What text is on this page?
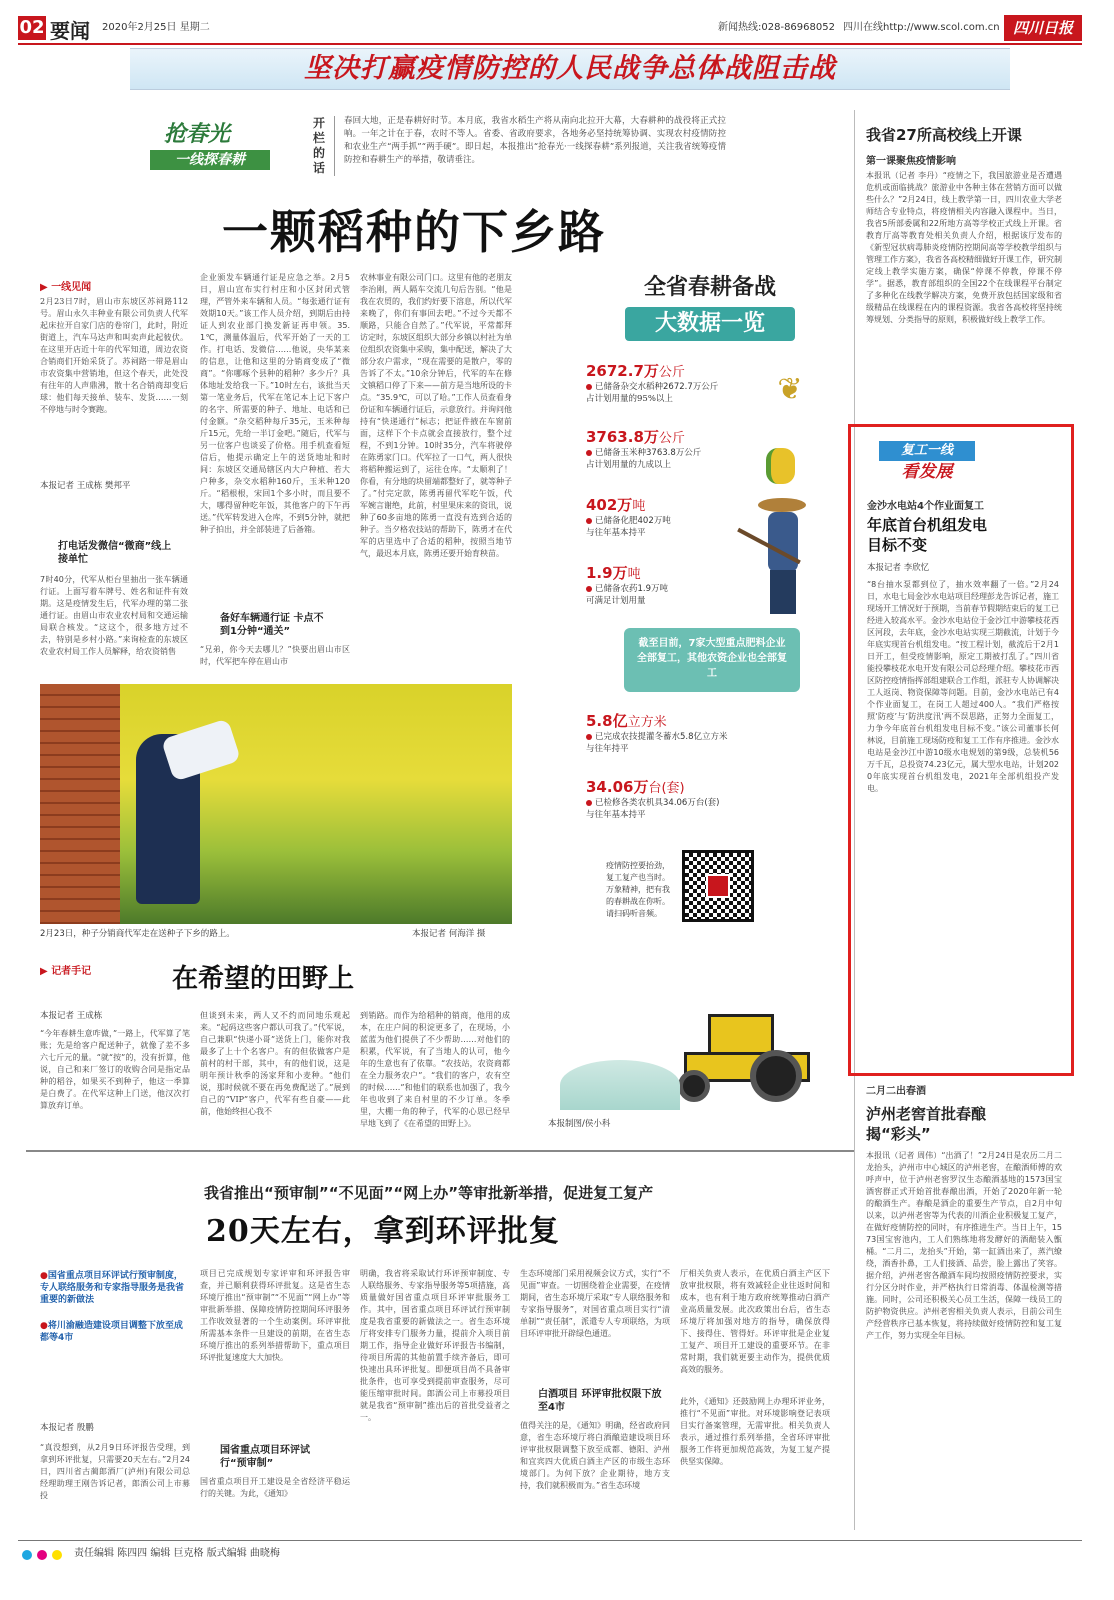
02 要闻 2020年2月25日 星期二	新闻热线:028-86968052 四川在线http://www.scol.com.cn 四川日报
坚决打赢疫情防控的人民战争总体战阻击战
抢春光
一线探春耕
开栏的话
春回大地，正是春耕好时节。本月底，我省水稻生产将从南向北拉开大幕，大春耕种的战役将正式拉响。一年之计在于春，农时不等人。省委、省政府要求，各地务必坚持统筹协调、实现农村疫情防控和农业生产“两手抓”“两手硬”。即日起，本报推出“抢春光·一线探春耕”系列报道，关注我省统筹疫情防控和春耕生产的举措，敬请垂注。
一颗稻种的下乡路
▶ 一线见闻
2月23日7时，眉山市东坡区苏祠路112号。眉山永久丰种业有限公司负责人代军起床拉开自家门店的卷帘门，此时，附近街道上，汽车马达声和叫卖声此起彼伏。在这里开店近十年的代军知道，周边农资合销商们开始采货了。苏祠路一带是眉山市农资集中营销地，但这个春天，此处没有往年的人声鼎沸，散十名合销商却变后球：他们每天接单、装车、发货……一刻不停地与时令赛跑。
本报记者 王成栋 樊邦平
打电话发微信“微商”线上接单忙
7时40分，代军从柜台里抽出一张车辆通行证。上面写着车牌号、姓名和证件有效期。这是疫情发生后，代军办理的第二张通行证。由眉山市农业农村局和交通运输局联合核发。“这这个，很多地方过不去，特别是乡村小路。”来询检查的东坡区农业农村局工作人员解释，给农资销售
企业颁发车辆通行证是应急之举。2月5日，眉山宣布实行村庄和小区封闭式管理，严管外来车辆和人员。“每张通行证有效期10天。”该工作人员介绍，到期后由持证人到农业部门换发新证再申领。35.1℃，测量体温后，代军开始了一天的工作。打电话、发微信……他说，央华某来的信息，让他和这里的分销商变成了“微商”。“你哪啄个县种的稻种？多少斤？具体地址发给我一下。”10时左右，该批当天第一笔业务后，代军在笔记本上记下客户的名字、所需要的种子、地址、电话和已付金额。“杂交稻种每斤35元，玉米种每斤15元，先给一半订金吧。”随后，代军与另一位客户也谈妥了价格。用手机查看短信后，他提示确定上午的送货地址和时间：东坡区交通局辖区内大户种植、若大户种多，杂交水稻种160斤，玉米种120斤。“稻根根，宋回1个多小时，而且要不大，哪得留种吃年饭，其他客户的下午再送。”代军转发进入仓库，不到5分钟，就把种子拍出，并全部装进了后备箱。
备好车辆通行证 卡点不到1分钟“通关”
“兄弟，你今天去哪儿？”快要出眉山市区时，代军把车停在眉山市
农林事业有限公司门口。这里有他的老朋友李治刚，两人隔车交流几句后告别。“他是我在农贸的，我们约好要下溶息，所以代军来晚了，你们有事回去吧。”不过今天都不顺路，只能合自然了。”代军说，平常都拜访定时，东坡区组织大部分乡镇以村社为单位组织农资集中采购，集中配送，解决了大部分农户需求，“现在需要的是散户，零的告诉了不太。”10余分钟后，代军的车在修文镇稻口停了下来——前方是当地所设的卡点。“35.9℃，可以了哈。”工作人员查看身份证和车辆通行证后，示意放行。并询问他持有“快递通行”标志；把证件掖在车窗前面，这样下个卡点就会直接放行，整个过程，不到1分钟。10时35分，汽车将驶停在陈勇家门口。代军拉了一口气，两人很快将稻种搬运到了，运往仓库。“太顺利了！你看，有分地的块留端都整好了，就等种子了。”付完定款，陈勇再留代军吃午饭，代军婉言谢绝，此前，村里果床来的资讯，说种了60多亩地的陈勇一直没有选到合适的种子。当夕格农技站的帮助下，陈勇才在代军的店里选中了合适的稻种，按照当地节气，最迟本月底，陈勇还要开始育秧苗。
2月23日，种子分销商代军走在送种子下乡的路上。	本报记者 何海洋 摄
全省春耕备战
大数据一览
2672.7万公斤
已储备杂交水稻种2672.7万公斤
占计划用量的95%以上	❦
3763.8万公斤
已储备玉米种3763.8万公斤
占计划用量的九成以上
402万吨
已储备化肥402万吨
与往年基本持平
1.9万吨
已储备农药1.9万吨
可满足计划用量
截至目前，7家大型重点肥料企业全部复工，其他农资企业也全部复工
5.8亿立方米
已完成农技提灌冬蓄水5.8亿立方米
与往年持平
34.06万台(套)
已检修各类农机具34.06万台(套)
与往年基本持平
疫情防控要抬劲，复工复产也当时。万象精神，把有我的春耕战在你听。请扫码听音频。
本报制图/侯小科
▶ 记者手记	在希望的田野上
本报记者 王成栋
“今年春耕生意咋做，”一路上，代军算了笔账；先是给客户配送种子，就像了差不多六七斤元的量。“就“按”的，没有折算，他说，自己和来厂签订的收购合同是指定品种的稻谷，如果买不到种子，他这一季算是白费了。在代军这种上门送，他汉次打算放弃订单。
但谈到未来，两人又不约而同地乐观起来。“起码这些客户都认可我了。”代军说，自己兼职“快递小哥”送货上门，能你对我最多了上十个名客户。有的但依做客户是前村的村干部，其中，有的他们说，这是明年预计秋季的汤家拜和小麦种。“他们说，那时候就不要在再免费配送了。”展到自己的“VIP”客户，代军有些自豪——此前，他始终担心我不
到销路。而作为给稻种的销商，他用的成本，在庄户间的积淀更多了，在现场，小蓝蓝为他们提供了不少帮助……对他们的积累，代军说，有了当地人的认可，他今年的生意也有了依靠。“农技站，农资商都在全力服务农户”。“我们的客户，农有空的时候……”和他们的联系也加强了，我今年也收到了来自村里的不少订单。冬季里，大棚一角的种子，代军的心思已经早早地飞到了《在希望的田野上》。
我省推出“预审制”“不见面”“网上办”等审批新举措，促进复工复产
20天左右，拿到环评批复
●国省重点项目环评试行预审制度，专人联络服务和专家指导服务是我省重要的新做法
●将川渝融造建设项目调整下放至成都等4市
本报记者 殷鹏
“真没想到，从2月9日环评报告受理，到拿到环评批复，只需要20天左右。”2月24日，四川省古蔺郎酒厂(泸州)有限公司总经理助理王刚告诉记者，郎酒公司上市募投
项目已完成规划专家评审和环评报告审查，并已顺利获得环评批复。这是省生态环境厅推出“预审制”“不见面”“网上办”等审批新举措、保障疫情防控期间环评服务工作收效显著的一个生动案例。环评审批所需基本条件一旦建设的前期，在省生态环境厅推出的系列举措帮助下，重点项目环评批复速度大大加快。
国省重点项目环评试行“预审制”
国省重点项目开工建设是全省经济平稳运行的关键。为此，《通知》
明确，我省将采取试行环评预审制度、专人联络服务、专家指导服务等5项措施，高质量做好国省重点项目环评审批服务工作。其中，国省重点项目环评试行预审制度是我省重要的新做法之一。省生态环境厅将安排专门服务力量，提前介入项目前期工作，指导企业做好环评报告书编制，待项目所需的其他前置手续齐备后，即可快速出具环评批复。即便项目尚不具备审批条件，也可享受到提前审查服务，尽可能压缩审批时间。郎酒公司上市募投项目就是我省“预审制”推出后的首批受益者之一。
生态环境部门采用视频会议方式，实行“不见面”审查。一切围绕着企业需要，在疫情期间，省生态环境厅采取“专人联络服务和专家指导服务”，对国省重点项目实行“清单制”“责任制”，派遣专人专项联络，为项目环评审批开辟绿色通道。
白酒项目 环评审批权限下放至4市
值得关注的是，《通知》明确，经省政府同意，省生态环境厅将白酒酿造建设项目环评审批权限调整下放至成都、德阳、泸州和宜宾四大优质白酒主产区的市级生态环境部门。为何下放？企业期待，地方支持，我们就积极而为。”省生态环境
厅相关负责人表示，在优质白酒主产区下放审批权限，将有效减轻企业往返时间和成本，也有利于地方政府统筹推动白酒产业高质量发展。此次政策出台后，省生态环境厅将加强对地方的指导，确保放得下、接得住、管得好。环评审批是企业复工复产、项目开工建设的重要环节。在非常时期，我们就更要主动作为，提供优质高效的服务。
此外，《通知》还鼓励网上办理环评业务，推行“不见面”审批。对环境影响登记表项目实行备案管理，无需审批。相关负责人表示，通过推行系列举措，全省环评审批服务工作将更加规范高效，为复工复产提供坚实保障。
我省27所高校线上开课
第一课聚焦疫情影响
本报讯（记者 李丹）“疫情之下，我国旅游业是否遭遇危机或面临挑战？旅游业中各种主体在营销方面可以做些什么？”2月24日，线上教学第一日，四川农业大学老师结合专业特点，将疫情相关内容融入课程中。当日，我省5所部委属和22所地方高等学校正式线上开课。省教育厅高等教育处相关负责人介绍，根据该厅发布的《新型冠状病毒肺炎疫情防控期间高等学校教学组织与管理工作方案》，我省各高校精细做好开课工作，研究制定线上教学实施方案，确保“停课不停教，停课不停学”。据悉，教育部组织的全国22个在线课程平台制定了多种化在线教学解决方案，免费开放包括国家级和省级精品在线课程在内的课程资源。我省各高校将坚持统筹规划、分类指导的原则，积极做好线上教学工作。
复工一线
看发展
金沙水电站4个作业面复工
年底首台机组发电目标不变
本报记者 李欣忆
“8台抽水泵都到位了，抽水效率翻了一倍。”2月24日，水电七局金沙水电站项目经理彭龙告诉记者，施工现场开工情况好于预期，当前春节假期结束后的复工已经进入较高水平。金沙水电站位于金沙江中游攀枝花西区河段，去年底，金沙水电站实现三期截流，计划于今年底实现首台机组发电。“按工程计划，截流后于2月1日开工，但受疫情影响，原定工期被打乱了。”四川省能投攀枝花水电开发有限公司总经理介绍。攀枝花市西区防控疫情指挥部组建联合工作组，派驻专人协调解决工人返岗、物资保障等问题。目前，金沙水电站已有4个作业面复工，在岗工人超过400人。“我们严格按照‘防疫’与‘防洪度汛’两不误思路，正努力全面复工，力争今年底首台机组发电目标不变。”该公司董事长何林说，目前施工现场防疫和复工工作有序推进。金沙水电站是金沙江中游10级水电规划的第9级，总装机56万千瓦，总投资74.23亿元，属大型水电站，计划2020年底实现首台机组发电，2021年全部机组投产发电。
二月二出春酒
泸州老窖首批春酿揭“彩头”
本报讯（记者 周伟）“出酒了！”2月24日是农历二月二龙抬头，泸州市中心城区的泸州老窖，在酿酒师傅的欢呼声中，位于泸州老窖罗汉生态酿酒基地的1573国宝酒窖群正式开始首批春酿出酒，开始了2020年新一轮的酿酒生产。春酿是酒企的重要生产节点，自2月中旬以来，以泸州老窖等为代表的川酒企业积极复工复产，在做好疫情防控的同时，有序推进生产。当日上午，1573国宝窖池内，工人们熟练地将发酵好的酒醅装入甑桶。“二月二，龙抬头”开始，第一缸酒出来了，蒸汽缭绕，酒香扑鼻，工人们接酒、品尝，脸上露出了笑容。据介绍，泸州老窖各酿酒车间均按照疫情防控要求，实行分区分时作业，并严格执行日常消毒、体温检测等措施。同时，公司还积极关心员工生活，保障一线员工的防护物资供应。泸州老窖相关负责人表示，目前公司生产经营秩序已基本恢复，将持续做好疫情防控和复工复产工作，努力实现全年目标。

责任编辑 陈四四 编辑 巨克格 版式编辑 曲晓梅
